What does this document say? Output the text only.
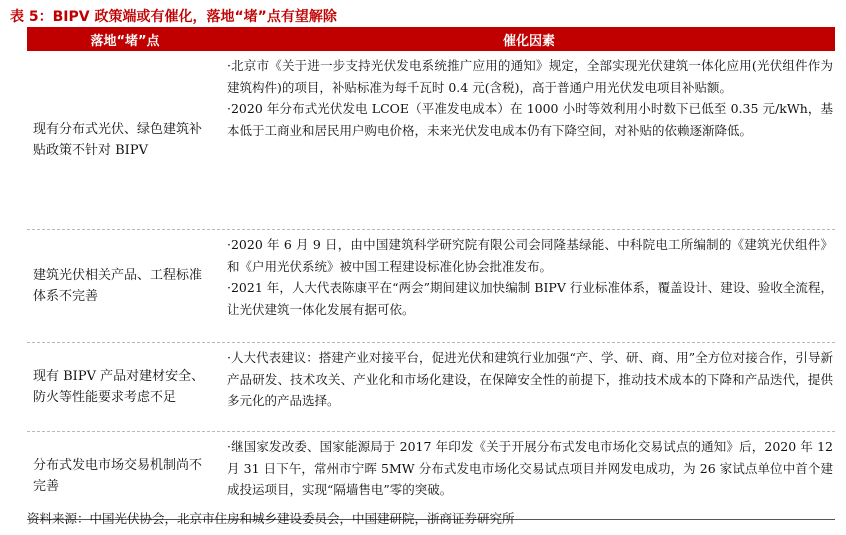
表 5：BIPV 政策端或有催化，落地“堵”点有望解除
落地“堵”点	催化因素
现有分布式光伏、绿色建筑补贴政策不针对 BIPV

·北京市《关于进一步支持光伏发电系统推广应用的通知》规定，全部实现光伏建筑一体化应用(光伏组件作为建筑构件)的项目，补贴标准为每千瓦时 0.4 元(含税)，高于普通户用光伏发电项目补贴额。

·2020 年分布式光伏发电 LCOE（平准发电成本）在 1000 小时等效利用小时数下已低至 0.35 元/kWh，基本低于工商业和居民用户购电价格，未来光伏发电成本仍有下降空间，对补贴的依赖逐渐降低。

建筑光伏相关产品、工程标准体系不完善

·2020 年 6 月 9 日，由中国建筑科学研究院有限公司会同隆基绿能、中科院电工所编制的《建筑光伏组件》和《户用光伏系统》被中国工程建设标准化协会批准发布。

·2021 年，人大代表陈康平在“两会”期间建议加快编制 BIPV 行业标准体系，覆盖设计、建设、验收全流程，让光伏建筑一体化发展有据可依。

现有 BIPV 产品对建材安全、防火等性能要求考虑不足

·人大代表建议：搭建产业对接平台，促进光伏和建筑行业加强“产、学、研、商、用”全方位对接合作，引导新产品研发、技术攻关、产业化和市场化建设，在保障安全性的前提下，推动技术成本的下降和产品迭代，提供多元化的产品选择。

分布式发电市场交易机制尚不完善

·继国家发改委、国家能源局于 2017 年印发《关于开展分布式发电市场化交易试点的通知》后，2020 年 12 月 31 日下午，常州市宁晖 5MW 分布式发电市场化交易试点项目并网发电成功，为 26 家试点单位中首个建成投运项目，实现“隔墙售电”零的突破。

资料来源：中国光伏协会，北京市住房和城乡建设委员会，中国建研院，浙商证券研究所
